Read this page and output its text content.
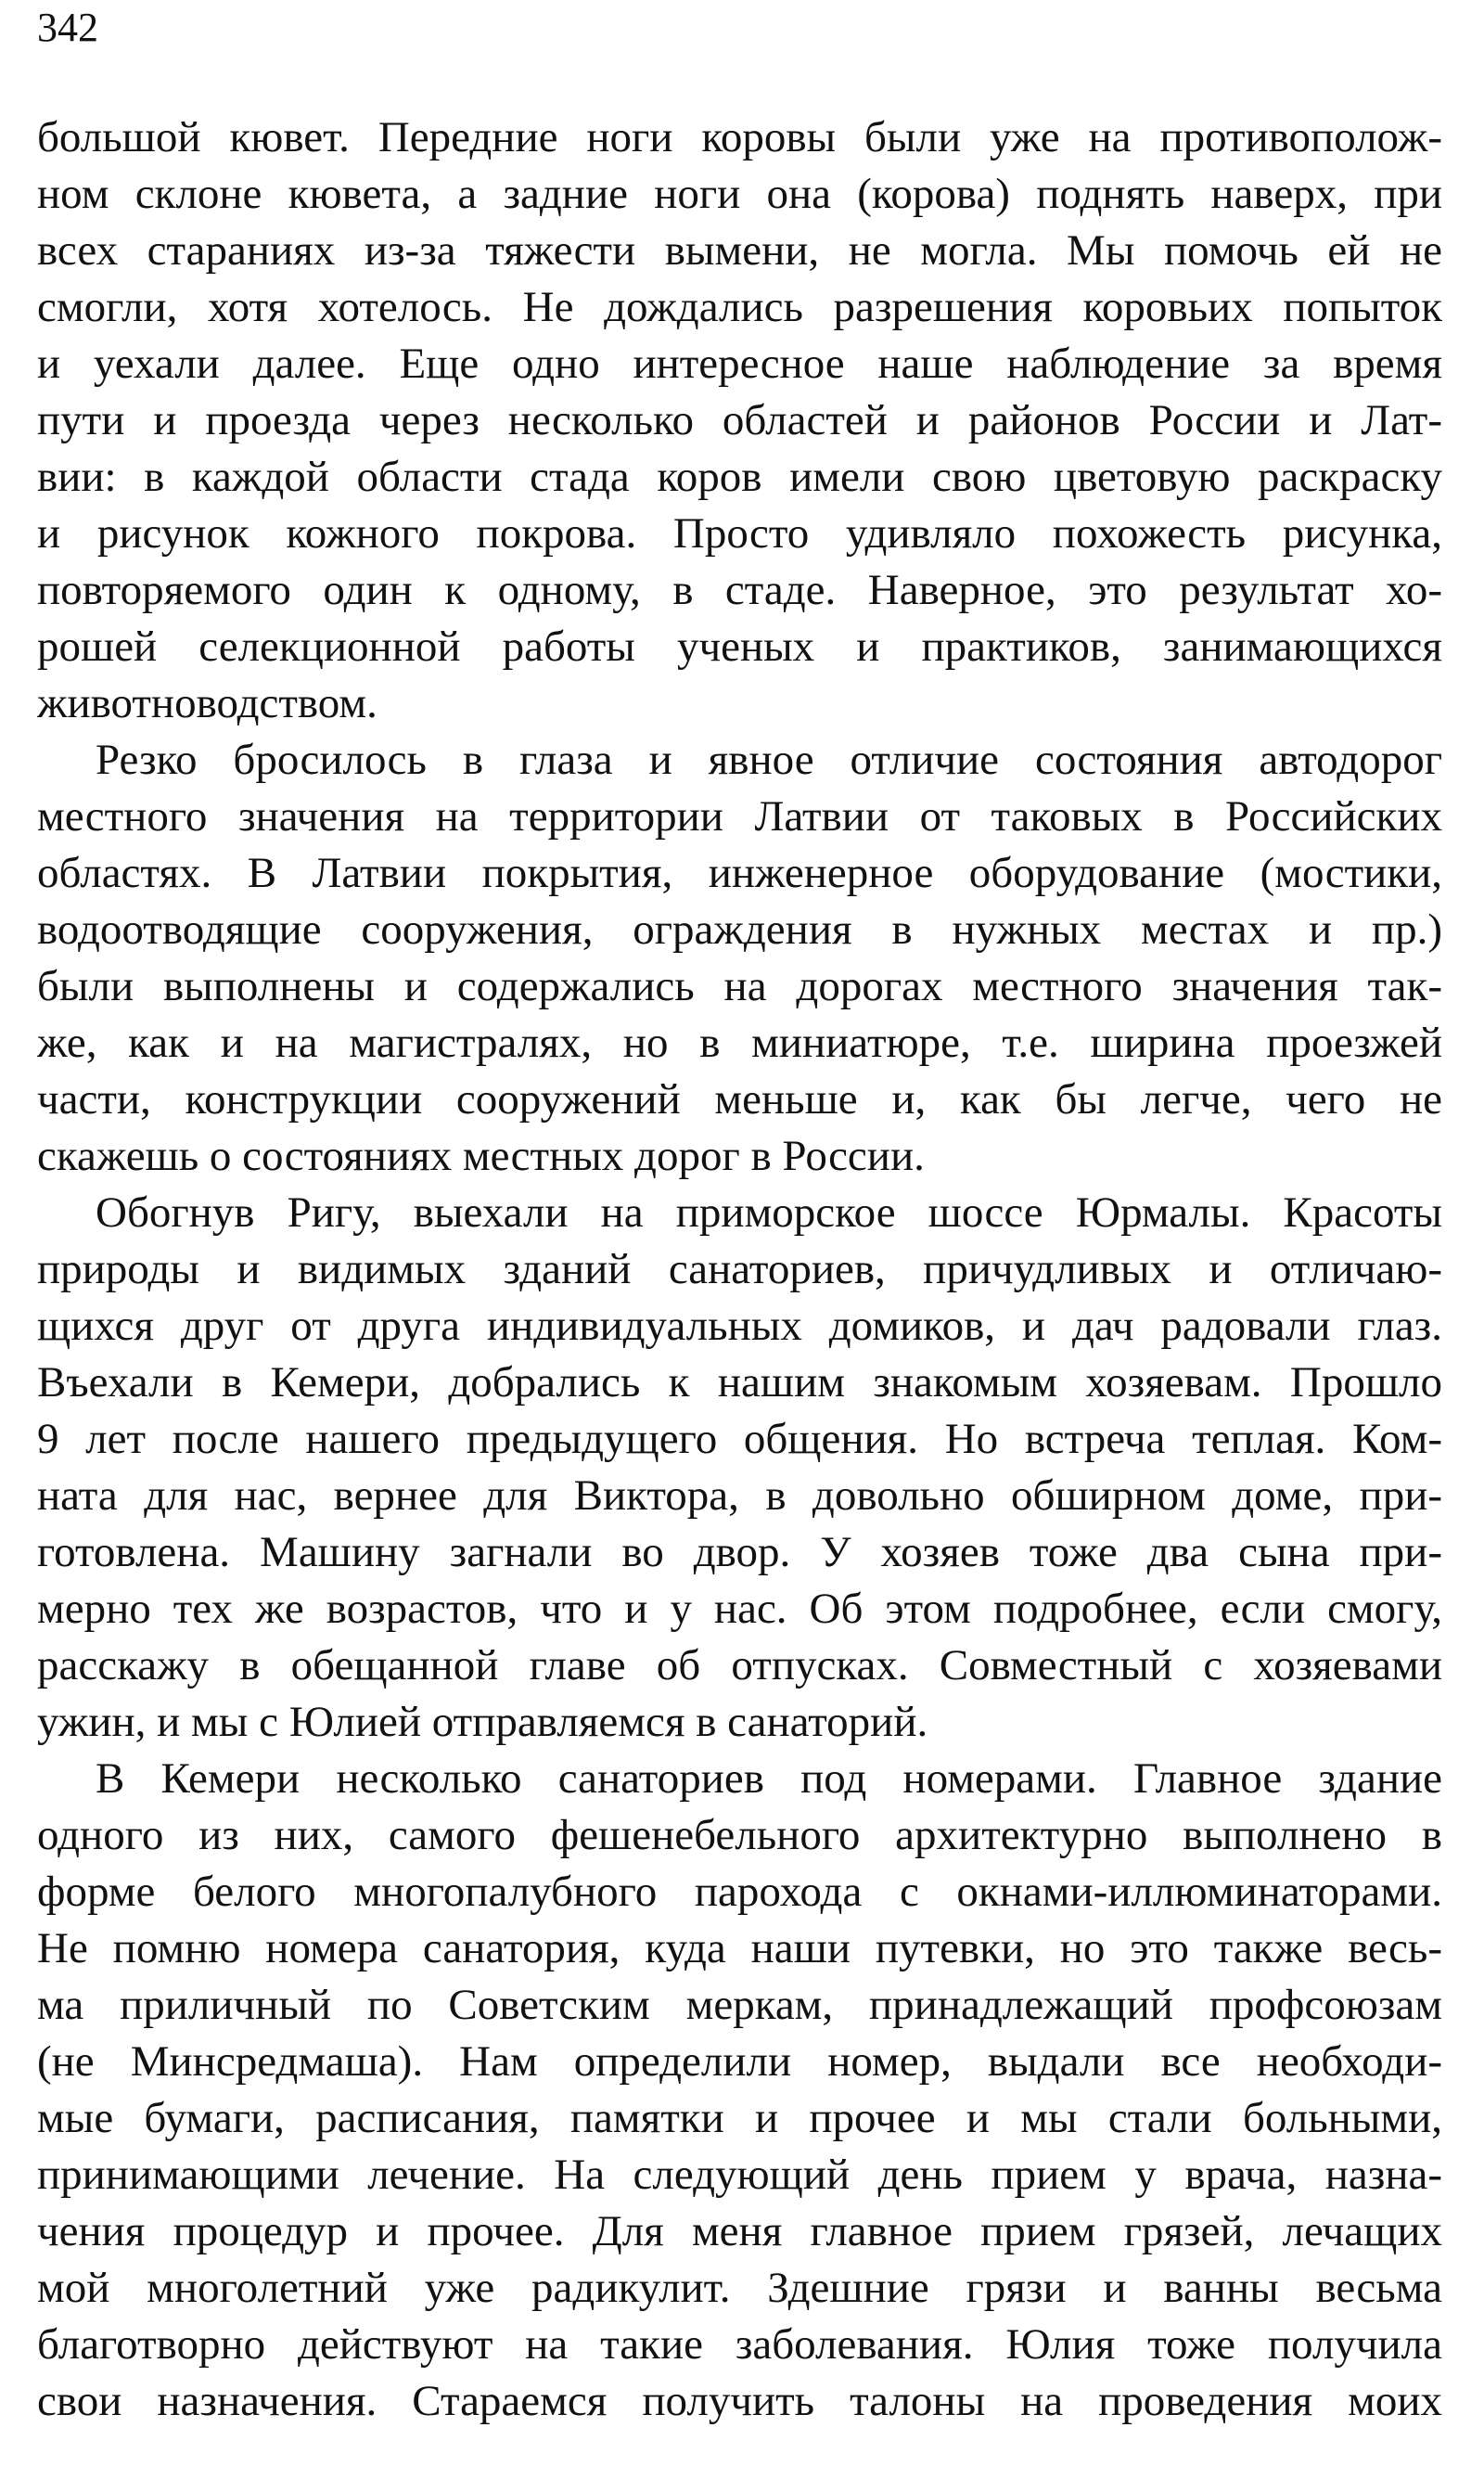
342
большой кювет. Передние ноги коровы были уже на противополож-
ном склоне кювета, а задние ноги она (корова) поднять наверх, при
всех стараниях из-за тяжести вымени, не могла. Мы помочь ей не
смогли, хотя хотелось. Не дождались разрешения коровьих попыток
и уехали далее. Еще одно интересное наше наблюдение за время
пути и проезда через несколько областей и районов России и Лат-
вии: в каждой области стада коров имели свою цветовую раскраску
и рисунок кожного покрова. Просто удивляло похожесть рисунка,
повторяемого один к одному, в стаде. Наверное, это результат хо-
рошей селекционной работы ученых и практиков, занимающихся
животноводством.
Резко бросилось в глаза и явное отличие состояния автодорог
местного значения на территории Латвии от таковых в Российских
областях. В Латвии покрытия, инженерное оборудование (мостики,
водоотводящие сооружения, ограждения в нужных местах и пр.)
были выполнены и содержались на дорогах местного значения так-
же, как и на магистралях, но в миниатюре, т.е. ширина проезжей
части, конструкции сооружений меньше и, как бы легче, чего не
скажешь о состояниях местных дорог в России.
Обогнув Ригу, выехали на приморское шоссе Юрмалы. Красоты
природы и видимых зданий санаториев, причудливых и отличаю-
щихся друг от друга индивидуальных домиков, и дач радовали глаз.
Въехали в Кемери, добрались к нашим знакомым хозяевам. Прошло
9 лет после нашего предыдущего общения. Но встреча теплая. Ком-
ната для нас, вернее для Виктора, в довольно обширном доме, при-
готовлена. Машину загнали во двор. У хозяев тоже два сына при-
мерно тех же возрастов, что и у нас. Об этом подробнее, если смогу,
расскажу в обещанной главе об отпусках. Совместный с хозяевами
ужин, и мы с Юлией отправляемся в санаторий.
В Кемери несколько санаториев под номерами. Главное здание
одного из них, самого фешенебельного архитектурно выполнено в
форме белого многопалубного парохода с окнами-иллюминаторами.
Не помню номера санатория, куда наши путевки, но это также весь-
ма приличный по Советским меркам, принадлежащий профсоюзам
(не Минсредмаша). Нам определили номер, выдали все необходи-
мые бумаги, расписания, памятки и прочее и мы стали больными,
принимающими лечение. На следующий день прием у врача, назна-
чения процедур и прочее. Для меня главное прием грязей, лечащих
мой многолетний уже радикулит. Здешние грязи и ванны весьма
благотворно действуют на такие заболевания. Юлия тоже получила
свои назначения. Стараемся получить талоны на проведения моих
